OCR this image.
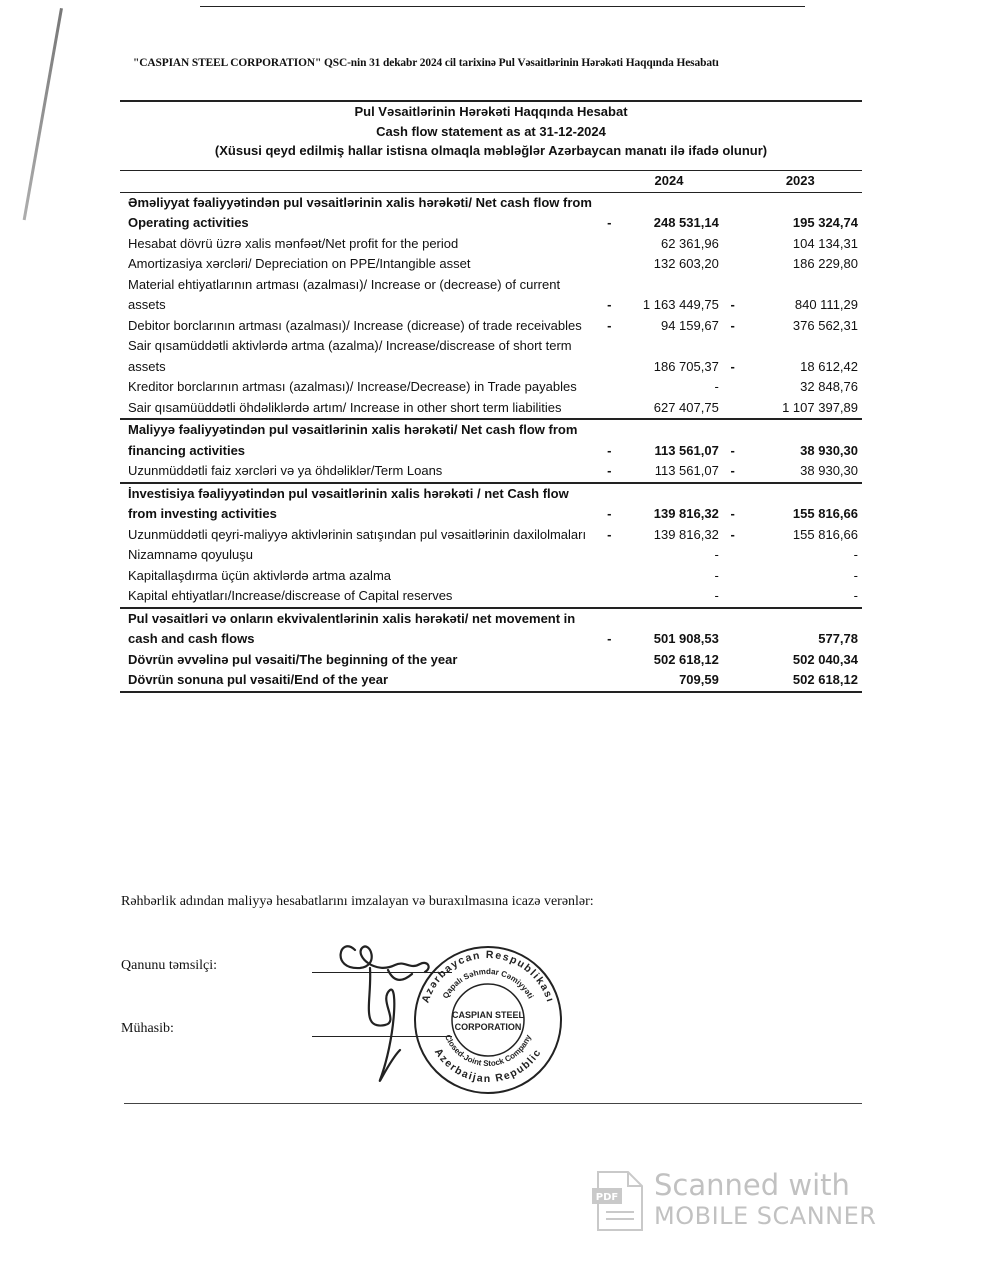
"CASPIAN STEEL CORPORATION" QSC-nin 31 dekabr 2024 cil tarixinə Pul Vəsaitlərinin Hərəkəti Haqqında Hesabatı
Pul Vəsaitlərinin Hərəkəti Haqqında Hesabat
Cash flow statement as at 31-12-2024
(Xüsusi qeyd edilmiş hallar istisna olmaqla məbləğlər Azərbaycan manatı ilə ifadə olunur)
		2024		2023
Əməliyyat fəaliyyətindən pul vəsaitlərinin xalis hərəkəti/ Net cash flow from Operating activities	-	248 531,14		195 324,74
Hesabat dövrü üzrə xalis mənfəət/Net profit for the period		62 361,96		104 134,31
Amortizasiya xərcləri/ Depreciation on PPE/Intangible asset		132 603,20		186 229,80
Material ehtiyatlarının artması (azalması)/ Increase or (decrease) of current assets	-	1 163 449,75	-	840 111,29
Debitor borclarının artması (azalması)/ Increase (dicrease) of trade receivables	-	94 159,67	-	376 562,31
Sair qısamüddətli aktivlərdə artma (azalma)/ Increase/discrease of short term assets		186 705,37	-	18 612,42
Kreditor borclarının artması (azalması)/ Increase/Decrease) in Trade payables		-		32 848,76
Sair qısamüüddətli öhdəliklərdə artım/ Increase in other short term liabilities		627 407,75		1 107 397,89
Maliyyə fəaliyyətindən pul vəsaitlərinin xalis hərəkəti/ Net cash flow from financing activities	-	113 561,07	-	38 930,30
Uzunmüddətli faiz xərcləri və ya öhdəliklər/Term Loans	-	113 561,07	-	38 930,30
İnvestisiya fəaliyyətindən pul vəsaitlərinin xalis hərəkəti / net Cash flow from investing activities	-	139 816,32	-	155 816,66
Uzunmüddətli qeyri-maliyyə aktivlərinin satışından pul vəsaitlərinin daxilolmaları	-	139 816,32	-	155 816,66
Nizamnamə qoyuluşu		-		-
Kapitallaşdırma üçün aktivlərdə artma azalma		-		-
Kapital ehtiyatları/Increase/discrease of Capital reserves		-		-
Pul vəsaitləri və onların ekvivalentlərinin xalis hərəkəti/ net movement in cash and cash flows	-	501 908,53		577,78
Dövrün əvvəlinə pul vəsaiti/The beginning of the year		502 618,12		502 040,34
Dövrün sonuna pul vəsaiti/End of the year		709,59		502 618,12
Rəhbərlik adından maliyyə hesabatlarını imzalayan və buraxılmasına icazə verənlər:
Qanunu təmsilçi:
Mühasib:
Azərbaycan Respublikası
Qapalı Səhmdar Cəmiyyəti
Closed-Joint Stock Company
Azerbaijan Republic
CASPIAN STEEL
CORPORATION
PDF Scanned with
MOBILE SCANNER
